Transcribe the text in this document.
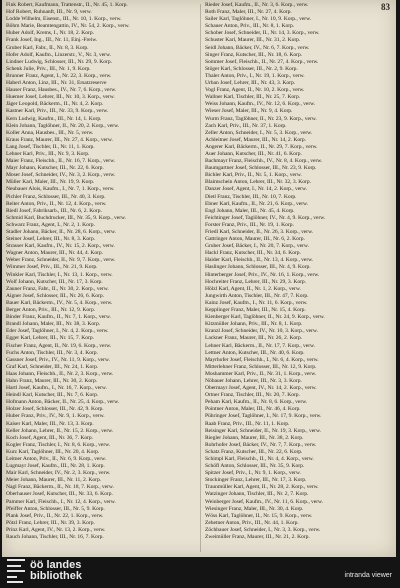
83
Fink Robert, Kaufmann, Trattenstr., II., Nr. 45, 1. Korp.
Hof Robert, Ruhnanft, III., Nr. 9, verw.
Lodde Wilhelm, Eisenst., III., Nr. 10, 1. Korp., verw.
Böhm Marie, Beamtengattin, IV., Nr. 54, 2. Korp., verw.
Huber Adolf, Krems, I., Nr. 18, 2. Korp.
Frank Josef, Ing., III., Nr. 11, Einj.-Freiw.
Gruber Karl, Fabr., II., Nr. 8, 3. Korp.
Hofer Adolf, Kaufm., Linzerstr., V., Nr. 3, verw.
Lindner Ludwig, Schlosser, III., Nr. 29, 9. Korp.
Schenk Julie, Priv., III., Nr. 1, 9. Korp.
Brunner Franz, Agent, I., Nr. 22, 3. Korp., verw.
Haberl Anton, Linz, III., Nr. 31, Ersatzreserve
Hauser Franz, Hausbes., IV., Nr. 7, 6. Korp., verw.
Huemer Josef, Lehrer, III., Nr. 10, 3. Korp., verw.
Jäger Leopold, Bäckerm., II., Nr. 4, 2. Korp.
Kastner Karl, Priv., III., Nr. 33, 9. Korp., verw.
Kern Ludwig, Kaufm., III., Nr. 14, 1. Korp.
Klein Johann, Taglöhner, II., Nr. 20, 2. Korp., verw.
Koller Anna, Hausbes., III., Nr. 5, verw.
Kraus Franz, Maurer, III., Nr. 27, 4. Korp., verw.
Lang Josef, Tischler, II., Nr. 11, 1. Korp.
Lehner Karl, Priv., III., Nr. 9, 3. Korp.
Maier Franz, Fleischh., II., Nr. 16, 7. Korp., verw.
Mayr Johann, Kutscher, III., Nr. 22, 6. Korp.
Moser Josef, Schneider, IV., Nr. 3, 2. Korp., verw.
Müller Karl, Maler, III., Nr. 19, 9. Korp.
Neubauer Alois, Kaufm., I., Nr. 7, 1. Korp., verw.
Pichler Franz, Schlosser, III., Nr. 40, 3. Korp.
Reiter Anton, Priv., II., Nr. 12, 4. Korp., verw.
Riedl Josef, Fabriksarb., III., Nr. 6, 2. Korp.
Schmid Karl, Buchdrucker, III., Nr. 35, 9. Korp., verw.
Schwarz Franz, Agent, I., Nr. 2, 1. Korp.
Stadler Johann, Bäcker, II., Nr. 28, 6. Korp., verw.
Steiner Josef, Lehrer, III., Nr. 8, 3. Korp.
Strasser Karl, Kaufm., IV., Nr. 15, 2. Korp., verw.
Wagner Anton, Maurer, III., Nr. 44, 4. Korp.
Weber Franz, Schneider, II., Nr. 9, 7. Korp., verw.
Wimmer Josef, Priv., III., Nr. 21, 9. Korp.
Winkler Karl, Tischler, I., Nr. 13, 1. Korp., verw.
Wolf Johann, Kutscher, III., Nr. 17, 3. Korp.
Zauner Franz, Fabr., II., Nr. 30, 2. Korp., verw.
Aigner Josef, Schlosser, III., Nr. 26, 6. Korp.
Bauer Karl, Bäckerm., IV., Nr. 5, 4. Korp., verw.
Berger Anton, Priv., III., Nr. 12, 9. Korp.
Binder Franz, Kaufm., II., Nr. 7, 1. Korp., verw.
Brandl Johann, Maler, III., Nr. 38, 3. Korp.
Eder Josef, Taglöhner, I., Nr. 4, 2. Korp., verw.
Egger Karl, Lehrer, III., Nr. 15, 7. Korp.
Fischer Franz, Agent, II., Nr. 19, 6. Korp., verw.
Fuchs Anton, Tischler, III., Nr. 3, 4. Korp.
Gassner Josef, Priv., IV., Nr. 11, 9. Korp., verw.
Graf Karl, Schneider, III., Nr. 24, 1. Korp.
Haas Johann, Fleischh., II., Nr. 2, 3. Korp., verw.
Hahn Franz, Maurer, III., Nr. 30, 2. Korp.
Hartl Josef, Kaufm., I., Nr. 16, 7. Korp., verw.
Heindl Karl, Kutscher, III., Nr. 7, 6. Korp.
Hofmann Anton, Bäcker, II., Nr. 25, 4. Korp., verw.
Holzer Josef, Schlosser, III., Nr. 42, 9. Korp.
Huber Franz, Priv., IV., Nr. 9, 1. Korp., verw.
Kaiser Karl, Maler, III., Nr. 13, 3. Korp.
Keller Johann, Lehrer, II., Nr. 15, 2. Korp., verw.
Koch Josef, Agent, III., Nr. 36, 7. Korp.
Kogler Franz, Tischler, I., Nr. 8, 6. Korp., verw.
Kurz Karl, Taglöhner, III., Nr. 20, 4. Korp.
Leitner Anton, Priv., II., Nr. 6, 9. Korp., verw.
Lugmayr Josef, Kaufm., III., Nr. 28, 1. Korp.
Mair Karl, Schneider, IV., Nr. 2, 3. Korp., verw.
Meier Johann, Maurer, III., Nr. 11, 2. Korp.
Nagl Franz, Bäckerm., II., Nr. 18, 7. Korp., verw.
Oberhauser Josef, Kutscher, III., Nr. 33, 6. Korp.
Pammer Karl, Fleischh., I., Nr. 12, 4. Korp., verw.
Pfeiffer Anton, Schlosser, III., Nr. 5, 9. Korp.
Plank Josef, Priv., II., Nr. 22, 1. Korp., verw.
Pötzl Franz, Lehrer, III., Nr. 39, 3. Korp.
Prinz Karl, Agent, IV., Nr. 13, 2. Korp., verw.
Rauch Johann, Tischler, III., Nr. 16, 7. Korp.
Rieder Josef, Kaufm., II., Nr. 3, 6. Korp., verw.
Roth Franz, Maler, III., Nr. 27, 4. Korp.
Sailer Karl, Taglöhner, I., Nr. 10, 9. Korp., verw.
Schauer Anton, Priv., III., Nr. 8, 1. Korp.
Schober Josef, Schneider, II., Nr. 14, 3. Korp., verw.
Schuster Karl, Maurer, III., Nr. 31, 2. Korp.
Seidl Johann, Bäcker, IV., Nr. 6, 7. Korp., verw.
Singer Franz, Kutscher, III., Nr. 18, 6. Korp.
Sommer Josef, Fleischh., II., Nr. 27, 4. Korp., verw.
Stöger Karl, Schlosser, III., Nr. 2, 9. Korp.
Thaler Anton, Priv., I., Nr. 19, 1. Korp., verw.
Urban Josef, Lehrer, III., Nr. 43, 3. Korp.
Vogl Franz, Agent, II., Nr. 10, 2. Korp., verw.
Wallner Karl, Tischler, III., Nr. 25, 7. Korp.
Weiss Johann, Kaufm., IV., Nr. 12, 6. Korp., verw.
Wieser Josef, Maler, III., Nr. 9, 4. Korp.
Wurm Franz, Taglöhner, II., Nr. 23, 9. Korp., verw.
Zach Karl, Priv., III., Nr. 37, 1. Korp.
Zeller Anton, Schneider, I., Nr. 5, 3. Korp., verw.
Achleitner Josef, Maurer, III., Nr. 14, 2. Korp.
Angerer Karl, Bäckerm., II., Nr. 29, 7. Korp., verw.
Auer Johann, Kutscher, III., Nr. 41, 6. Korp.
Bachmayr Franz, Fleischh., IV., Nr. 8, 4. Korp., verw.
Baumgartner Josef, Schlosser, III., Nr. 23, 9. Korp.
Bichler Karl, Priv., II., Nr. 5, 1. Korp., verw.
Blaimschein Anton, Lehrer, III., Nr. 32, 3. Korp.
Danzer Josef, Agent, I., Nr. 14, 2. Korp., verw.
Dietl Franz, Tischler, III., Nr. 10, 7. Korp.
Ebner Karl, Kaufm., II., Nr. 21, 6. Korp., verw.
Engl Johann, Maler, III., Nr. 45, 4. Korp.
Feichtinger Josef, Taglöhner, IV., Nr. 4, 9. Korp., verw.
Forster Franz, Priv., III., Nr. 19, 1. Korp.
Friedl Karl, Schneider, II., Nr. 26, 3. Korp., verw.
Gattringer Anton, Maurer, III., Nr. 6, 2. Korp.
Gruber Josef, Bäcker, I., Nr. 20, 7. Korp., verw.
Hackl Franz, Kutscher, III., Nr. 34, 6. Korp.
Haider Karl, Fleischh., II., Nr. 13, 4. Korp., verw.
Haslinger Johann, Schlosser, III., Nr. 4, 9. Korp.
Hinterberger Josef, Priv., IV., Nr. 16, 1. Korp., verw.
Hochreiter Franz, Lehrer, III., Nr. 29, 3. Korp.
Hölzl Karl, Agent, II., Nr. 1, 2. Korp., verw.
Jungwirth Anton, Tischler, III., Nr. 47, 7. Korp.
Kainz Josef, Kaufm., I., Nr. 11, 6. Korp., verw.
Kepplinger Franz, Maler, III., Nr. 15, 4. Korp.
Kienberger Karl, Taglöhner, II., Nr. 24, 9. Korp., verw.
Kitzmüller Johann, Priv., III., Nr. 8, 1. Korp.
Kranzl Josef, Schneider, IV., Nr. 10, 3. Korp., verw.
Lackner Franz, Maurer, III., Nr. 26, 2. Korp.
Lehner Karl, Bäckerm., II., Nr. 17, 7. Korp., verw.
Lettner Anton, Kutscher, III., Nr. 40, 6. Korp.
Mayrhofer Josef, Fleischh., I., Nr. 6, 4. Korp., verw.
Mitterlehner Franz, Schlosser, III., Nr. 12, 9. Korp.
Moshammer Karl, Priv., II., Nr. 31, 1. Korp., verw.
Nöbauer Johann, Lehrer, III., Nr. 3, 3. Korp.
Obermayr Josef, Agent, IV., Nr. 14, 2. Korp., verw.
Ortner Franz, Tischler, III., Nr. 20, 7. Korp.
Peham Karl, Kaufm., II., Nr. 8, 6. Korp., verw.
Pointner Anton, Maler, III., Nr. 46, 4. Korp.
Pühringer Josef, Taglöhner, I., Nr. 17, 9. Korp., verw.
Raab Franz, Priv., III., Nr. 11, 1. Korp.
Reisinger Karl, Schneider, II., Nr. 19, 3. Korp., verw.
Riegler Johann, Maurer, III., Nr. 38, 2. Korp.
Rohrhofer Josef, Bäcker, IV., Nr. 7, 7. Korp., verw.
Schatz Franz, Kutscher, III., Nr. 22, 6. Korp.
Schimpl Karl, Fleischh., II., Nr. 4, 4. Korp., verw.
Schöfl Anton, Schlosser, III., Nr. 35, 9. Korp.
Spitzer Josef, Priv., I., Nr. 9, 1. Korp., verw.
Stockinger Franz, Lehrer, III., Nr. 17, 3. Korp.
Traunmüller Karl, Agent, II., Nr. 28, 2. Korp., verw.
Watzinger Johann, Tischler, III., Nr. 2, 7. Korp.
Weinberger Josef, Kaufm., IV., Nr. 11, 6. Korp., verw.
Wiesinger Franz, Maler, III., Nr. 30, 4. Korp.
Wöss Karl, Taglöhner, II., Nr. 15, 9. Korp., verw.
Zehetner Anton, Priv., III., Nr. 44, 1. Korp.
Zöchbauer Josef, Schneider, I., Nr. 3, 3. Korp., verw.
Zweimüller Franz, Maurer, III., Nr. 21, 2. Korp.
öö landes
bibliothek	intranda viewer
